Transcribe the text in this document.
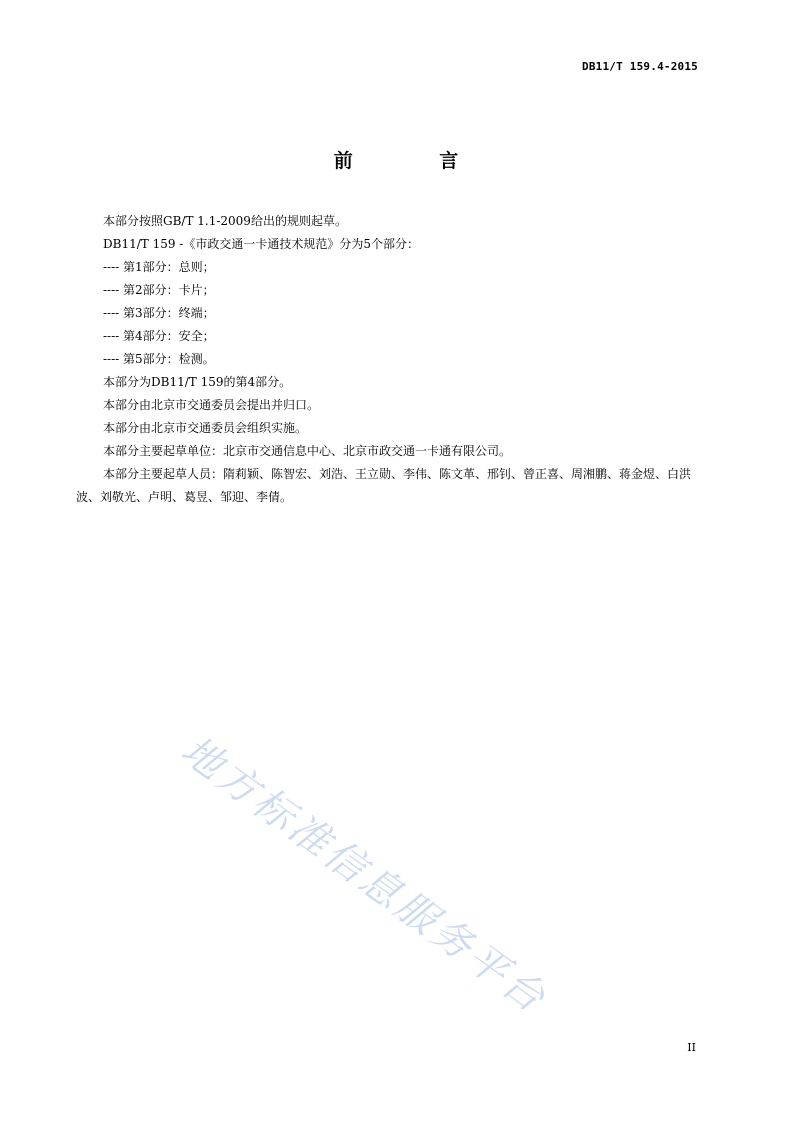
DB11/T 159.4-2015
前 言

本部分按照GB/T 1.1-2009给出的规则起草。

DB11/T 159 -《市政交通一卡通技术规范》分为5个部分：

---- 第1部分：总则；

---- 第2部分：卡片；

---- 第3部分：终端；

---- 第4部分：安全；

---- 第5部分：检测。

本部分为DB11/T 159的第4部分。

本部分由北京市交通委员会提出并归口。

本部分由北京市交通委员会组织实施。

本部分主要起草单位：北京市交通信息中心、北京市政交通一卡通有限公司。

本部分主要起草人员：隋莉颖、陈智宏、刘浩、王立勋、李伟、陈文革、邢钊、曾正喜、周湘鹏、蒋金煜、白洪波、刘敬光、卢明、葛昱、邹迎、李倩。

地方标准信息服务平台
II
